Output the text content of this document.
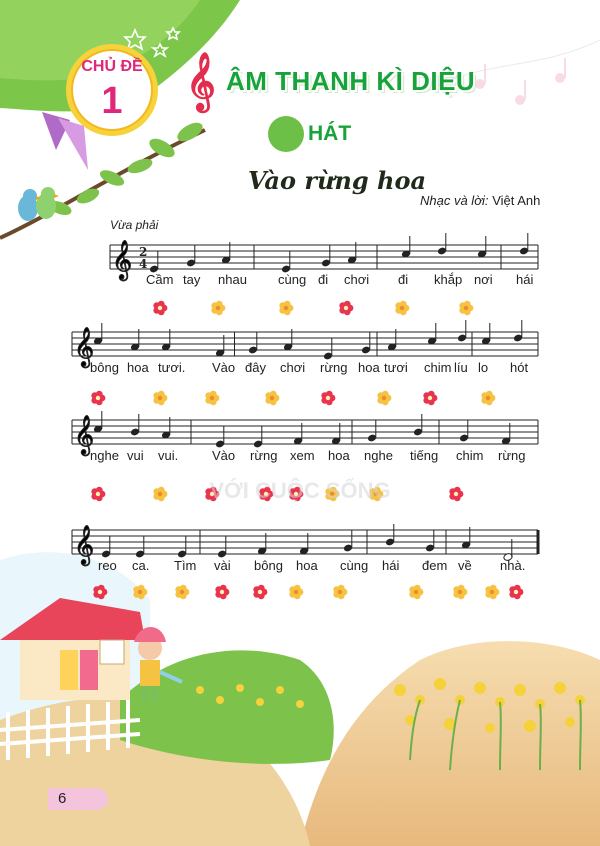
𝄞
𝄞
𝄞
𝄞
2
4
CHỦ ĐỀ
1	𝄞 ÂM THANH KÌ DIỆU
HÁT
Vào rừng hoa
Nhạc và lời: Việt Anh
Vừa phải
Cầm tay nhau cùng đi chơi đi khắp nơi hái
bông hoa tươi. Vào đây chơi rừng hoa tươi chim líu lo hót
nghe vui vui.	Vào rừng xem hoa nghe tiếng chim rừng
reo ca. Tìm vài bông hoa cùng hái đem về nhà.
VỚI CUỘC SỐNG
6
